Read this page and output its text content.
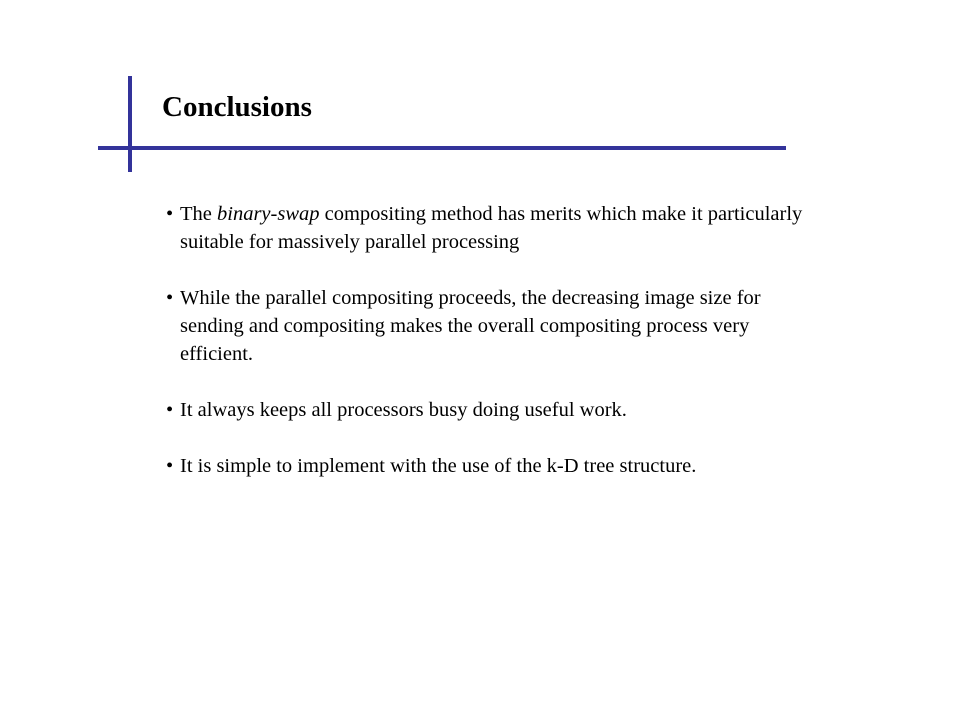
Conclusions
• The binary-swap compositing method has merits which make it particularly suitable for massively parallel processing
• While the parallel compositing proceeds, the decreasing image size for sending and compositing makes the overall compositing process very efficient.
• It always keeps all processors busy doing useful work.
• It is simple to implement with the use of the k-D tree structure.
